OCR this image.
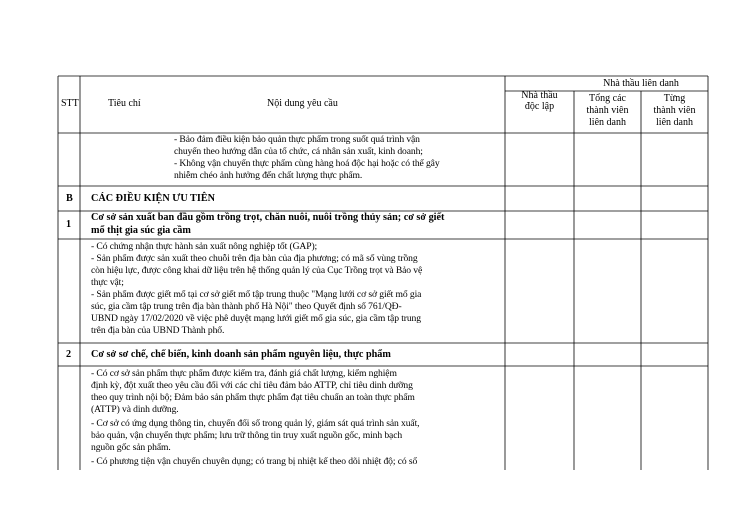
STT	Tiêu chí	Nội dung yêu cầu
Nhà thầu
độc lập
Nhà thầu liên danh
Tổng các
thành viên
liên danh
Từng
thành viên
liên danh
- Bảo đảm điều kiện bảo quản thực phẩm trong suốt quá trình vận
chuyển theo hướng dẫn của tổ chức, cá nhân sản xuất, kinh doanh;
- Không vận chuyển thực phẩm cùng hàng hoá độc hại hoặc có thể gây
nhiễm chéo ảnh hưởng đến chất lượng thực phẩm.
B CÁC ĐIỀU KIỆN ƯU TIÊN
1
Cơ sở sản xuất ban đầu gồm trồng trọt, chăn nuôi, nuôi trồng thủy sản; cơ sở giết
mổ thịt gia súc gia cầm
- Có chứng nhận thực hành sản xuất nông nghiệp tốt (GAP);
- Sản phẩm được sản xuất theo chuỗi trên địa bàn của địa phương; có mã số vùng trồng
còn hiệu lực, được công khai dữ liệu trên hệ thống quản lý của Cục Trồng trọt và Bảo vệ
thực vật;
- Sản phẩm được giết mổ tại cơ sở giết mổ tập trung thuộc "Mạng lưới cơ sở giết mổ gia
súc, gia cầm tập trung trên địa bàn thành phố Hà Nội" theo Quyết định số 761/QĐ-
UBND ngày 17/02/2020 về việc phê duyệt mạng lưới giết mổ gia súc, gia cầm tập trung
trên địa bàn của UBND Thành phố.
2 Cơ sở sơ chế, chế biến, kinh doanh sản phẩm nguyên liệu, thực phẩm
- Có cơ sở sản phẩm thực phẩm được kiểm tra, đánh giá chất lượng, kiểm nghiệm
định kỳ, đột xuất theo yêu cầu đối với các chỉ tiêu đảm bảo ATTP, chỉ tiêu dinh dưỡng
theo quy trình nội bộ; Đảm bảo sản phẩm thực phẩm đạt tiêu chuẩn an toàn thực phẩm
(ATTP) và dinh dưỡng.
- Cơ sở có ứng dụng thông tin, chuyển đổi số trong quản lý, giám sát quá trình sản xuất,
bảo quản, vận chuyển thực phẩm; lưu trữ thông tin truy xuất nguồn gốc, minh bạch
nguồn gốc sản phẩm.
- Có phương tiện vận chuyển chuyên dụng; có trang bị nhiệt kế theo dõi nhiệt độ; có sổ
